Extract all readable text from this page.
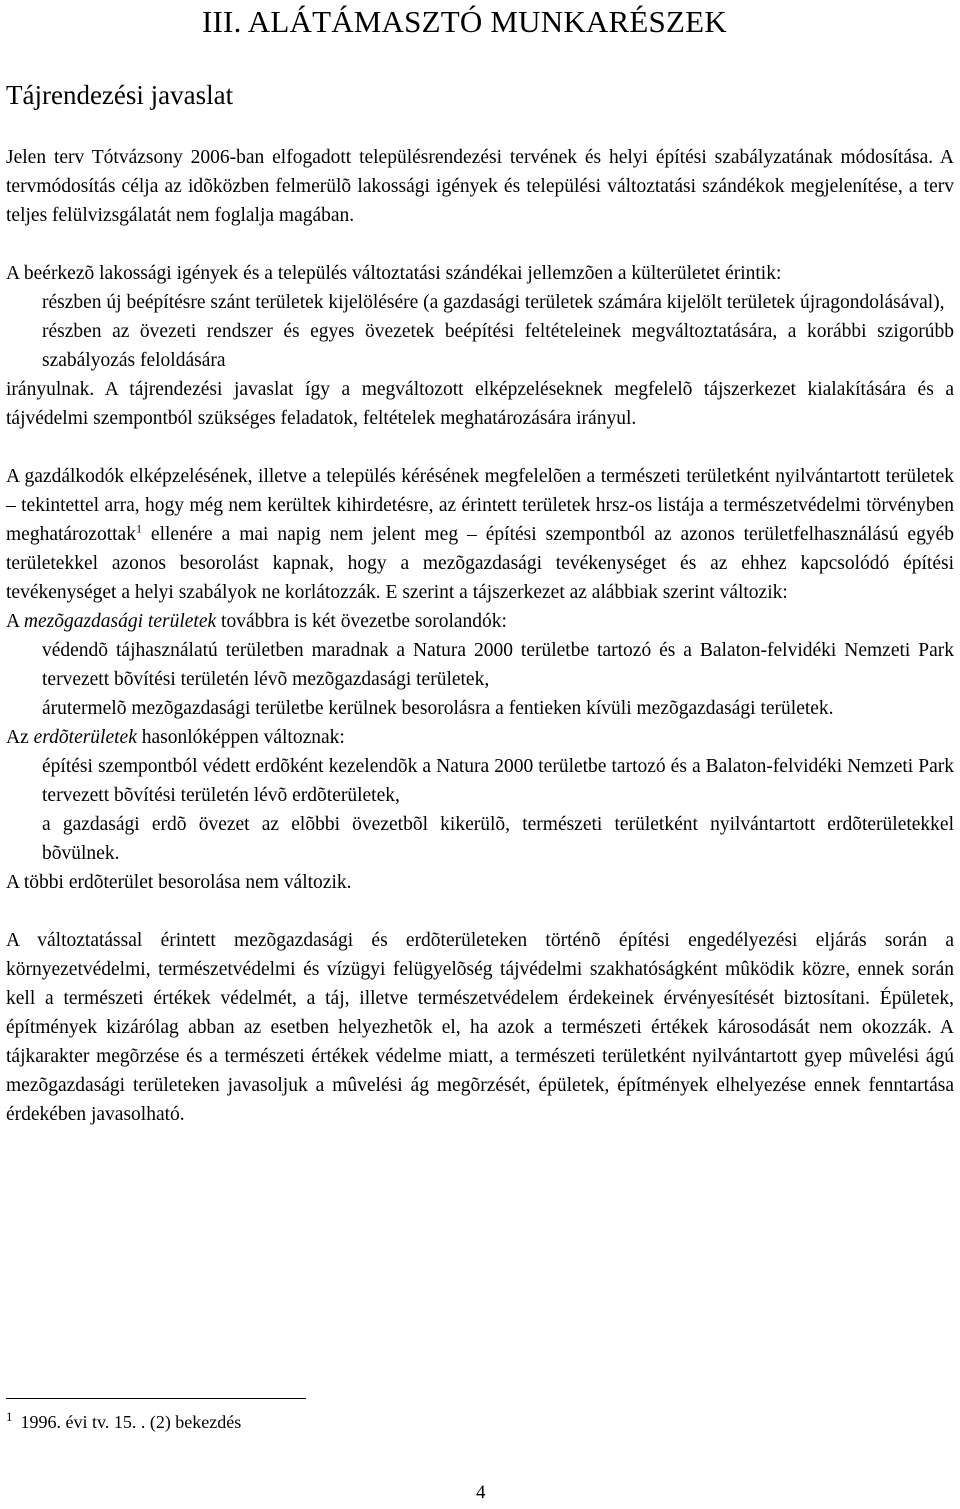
III. ALÁTÁMASZTÓ MUNKARÉSZEK
Tájrendezési javaslat

Jelen terv Tótvázsony 2006-ban elfogadott településrendezési tervének és helyi építési szabályzatának módosítása. A tervmódosítás célja az idõközben felmerülõ lakossági igények és települési változtatási szándékok megjelenítése, a terv teljes felülvizsgálatát nem foglalja magában.

A beérkezõ lakossági igények és a település változtatási szándékai jellemzõen a külterületet érintik:

részben új beépítésre szánt területek kijelölésére (a gazdasági területek számára kijelölt területek újragondolásával),
részben az övezeti rendszer és egyes övezetek beépítési feltételeinek megváltoztatására, a korábbi szigorúbb szabályozás feloldására

irányulnak. A tájrendezési javaslat így a megváltozott elképzeléseknek megfelelõ tájszerkezet kialakítására és a tájvédelmi szempontból szükséges feladatok, feltételek meghatározására irányul.

A gazdálkodók elképzelésének, illetve a település kérésének megfelelõen a természeti területként nyilvántartott területek – tekintettel arra, hogy még nem kerültek kihirdetésre, az érintett területek hrsz-os listája a természetvédelmi törvényben meghatározottak$^1$ ellenére a mai napig nem jelent meg – építési szempontból az azonos területfelhasználású egyéb területekkel azonos besorolást kapnak, hogy a mezõgazdasági tevékenységet és az ehhez kapcsolódó építési tevékenységet a helyi szabályok ne korlátozzák. E szerint a tájszerkezet az alábbiak szerint változik:

A mezõgazdasági területek továbbra is két övezetbe sorolandók:

védendõ tájhasználatú területben maradnak a Natura 2000 területbe tartozó és a Balaton-felvidéki Nemzeti Park tervezett bõvítési területén lévõ mezõgazdasági területek,
árutermelõ mezõgazdasági területbe kerülnek besorolásra a fentieken kívüli mezõgazdasági területek.

Az erdõterületek hasonlóképpen változnak:

építési szempontból védett erdõként kezelendõk a Natura 2000 területbe tartozó és a Balaton-felvidéki Nemzeti Park tervezett bõvítési területén lévõ erdõterületek,
a gazdasági erdõ övezet az elõbbi övezetbõl kikerülõ, természeti területként nyilvántartott erdõterületekkel bõvülnek.

A többi erdõterület besorolása nem változik.

A változtatással érintett mezõgazdasági és erdõterületeken történõ építési engedélyezési eljárás során a környezetvédelmi, természetvédelmi és vízügyi felügyelõség tájvédelmi szakhatóságként mûködik közre, ennek során kell a természeti értékek védelmét, a táj, illetve természetvédelem érdekeinek érvényesítését biztosítani. Épületek, építmények kizárólag abban az esetben helyezhetõk el, ha azok a természeti értékek károsodását nem okozzák. A tájkarakter megõrzése és a természeti értékek védelme miatt, a természeti területként nyilvántartott gyep mûvelési ágú mezõgazdasági területeken javasoljuk a mûvelési ág megõrzését, épületek, építmények elhelyezése ennek fenntartása érdekében javasolható.

$^1$ 1996. évi tv. 15. . (2) bekezdés
4
